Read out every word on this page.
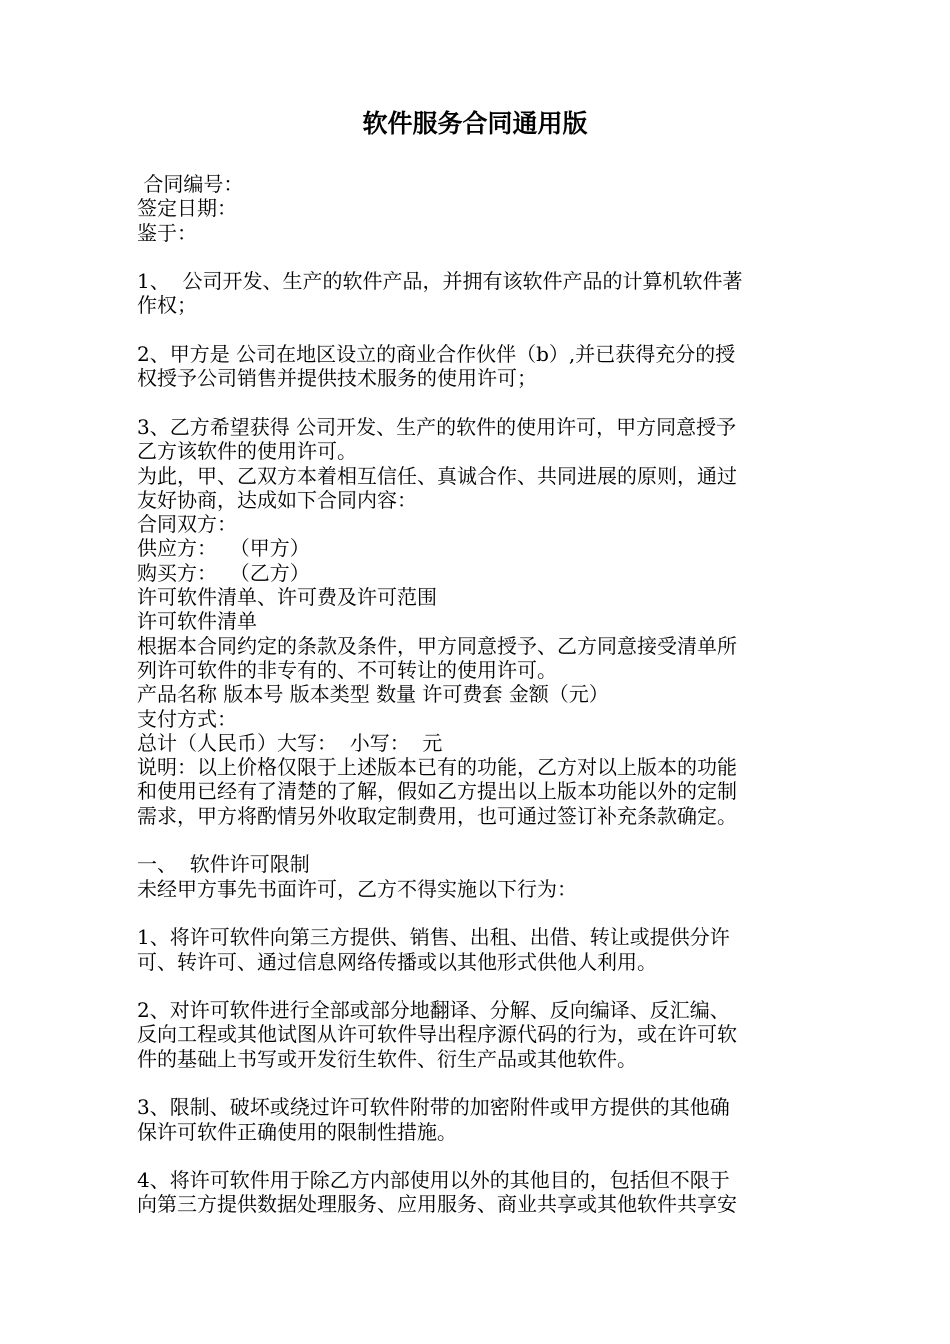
软件服务合同通用版
合同编号：
签定日期：
鉴于：
1、  公司开发、生产的软件产品，并拥有该软件产品的计算机软件著
作权；
2、甲方是 公司在地区设立的商业合作伙伴（b）,并已获得充分的授
权授予公司销售并提供技术服务的使用许可；
3、乙方希望获得 公司开发、生产的软件的使用许可，甲方同意授予
乙方该软件的使用许可。
为此，甲、乙双方本着相互信任、真诚合作、共同进展的原则，通过
友好协商，达成如下合同内容：
合同双方：
供应方：  （甲方）
购买方：  （乙方）
许可软件清单、许可费及许可范围
许可软件清单
根据本合同约定的条款及条件，甲方同意授予、乙方同意接受清单所
列许可软件的非专有的、不可转让的使用许可。
产品名称 版本号 版本类型 数量 许可费套 金额（元）
支付方式：
总计（人民币）大写：  小写：  元
说明：以上价格仅限于上述版本已有的功能，乙方对以上版本的功能
和使用已经有了清楚的了解，假如乙方提出以上版本功能以外的定制
需求，甲方将酌情另外收取定制费用，也可通过签订补充条款确定。
一、  软件许可限制
未经甲方事先书面许可，乙方不得实施以下行为：
1、将许可软件向第三方提供、销售、出租、出借、转让或提供分许
可、转许可、通过信息网络传播或以其他形式供他人利用。
2、对许可软件进行全部或部分地翻译、分解、反向编译、反汇编、
反向工程或其他试图从许可软件导出程序源代码的行为，或在许可软
件的基础上书写或开发衍生软件、衍生产品或其他软件。
3、限制、破坏或绕过许可软件附带的加密附件或甲方提供的其他确
保许可软件正确使用的限制性措施。
4、将许可软件用于除乙方内部使用以外的其他目的，包括但不限于
向第三方提供数据处理服务、应用服务、商业共享或其他软件共享安
